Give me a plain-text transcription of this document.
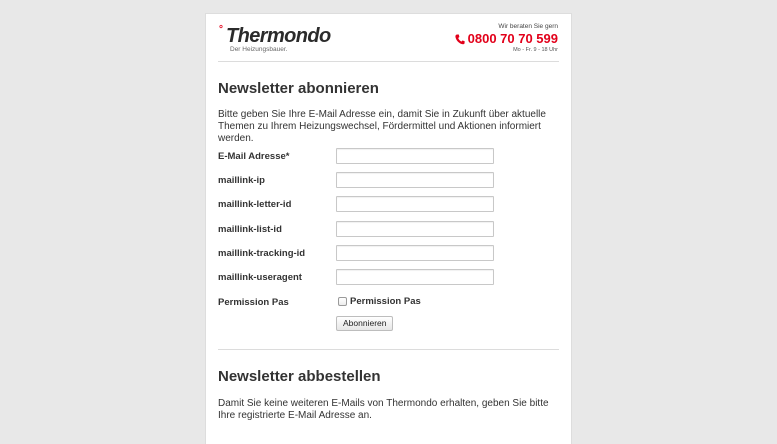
° Thermondo
Der Heizungsbauer.
Wir beraten Sie gern
0800 70 70 599
Mo - Fr. 9 - 18 Uhr
Newsletter abonnieren
Bitte geben Sie Ihre E-Mail Adresse ein, damit Sie in Zukunft über aktuelle Themen zu Ihrem Heizungswechsel, Fördermittel und Aktionen informiert werden.
E-Mail Adresse*
maillink-ip
maillink-letter-id
maillink-list-id
maillink-tracking-id
maillink-useragent
Permission Pas	Permission Pas
Abonnieren
Newsletter abbestellen
Damit Sie keine weiteren E-Mails von Thermondo erhalten, geben Sie bitte Ihre registrierte E-Mail Adresse an.
